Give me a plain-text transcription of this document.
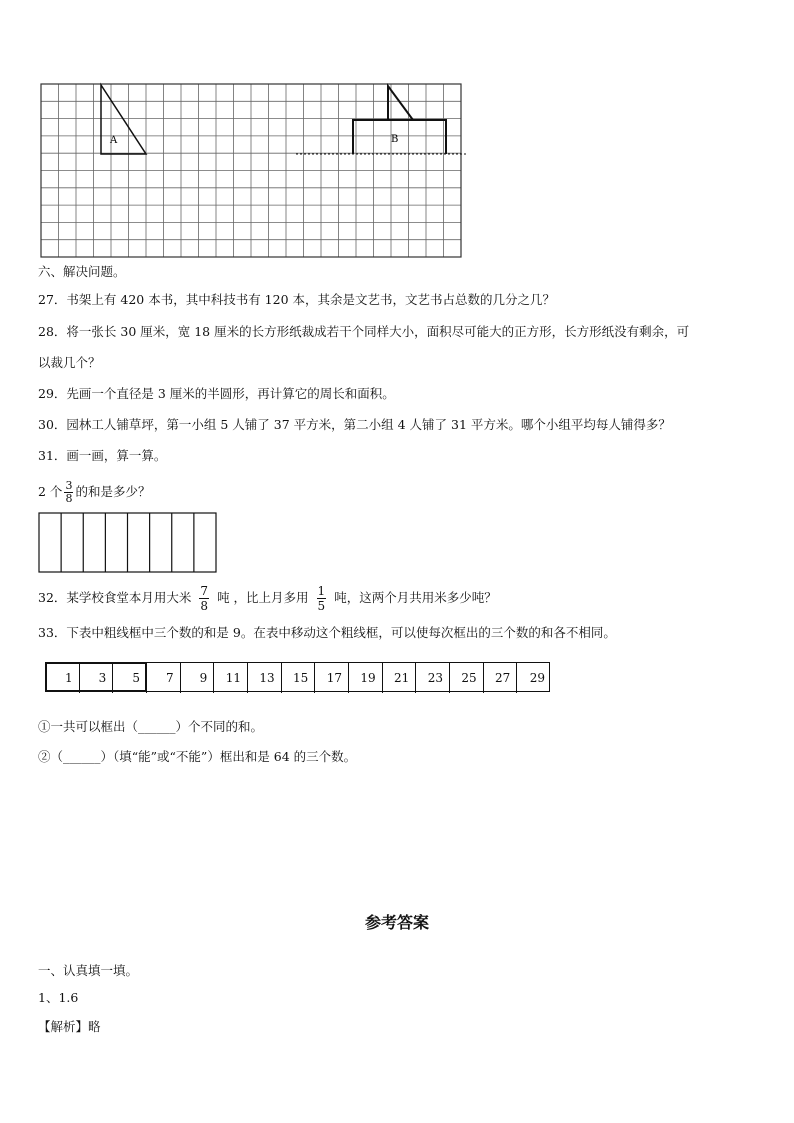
A	B
六、解决问题。
27．书架上有 420 本书，其中科技书有 120 本，其余是文艺书，文艺书占总数的几分之几？
28．将一张长 30 厘米，宽 18 厘米的长方形纸裁成若干个同样大小，面积尽可能大的正方形，长方形纸没有剩余，可
以裁几个？
29．先画一个直径是 3 厘米的半圆形，再计算它的周长和面积。
30．园林工人铺草坪，第一小组 5 人铺了 37 平方米，第二小组 4 人铺了 31 平方米。哪个小组平均每人铺得多？
31．画一画，算一算。
2 个 $\frac{3}{8}$ 的和是多少？
32．某学校食堂本月用大米 $\frac{7}{8}$ 吨 ，比上月多用 $\frac{1}{5}$ 吨，这两个月共用米多少吨？
33．下表中粗线框中三个数的和是 9。在表中移动这个粗线框，可以使每次框出的三个数的和各不相同。
1	3	5	7	9	11	13	15	17	19	21	23	25	27	29
①一共可以框出（______）个不同的和。
②（______）（填“能”或“不能”）框出和是 64 的三个数。
参考答案
一、认真填一填。
1、1.6
【解析】略
